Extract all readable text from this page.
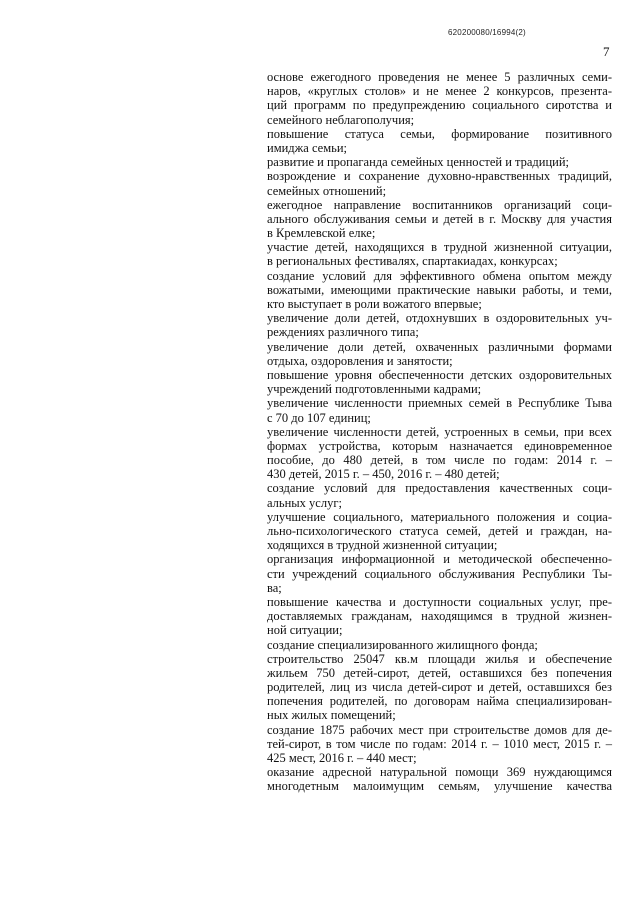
620200080/16994(2)
7
основе ежегодного проведения не менее 5 различных семи-
наров, «круглых столов» и не менее 2 конкурсов, презента-
ций программ по предупреждению социального сиротства и
семейного неблагополучия;
повышение статуса семьи, формирование позитивного
имиджа семьи;
развитие и пропаганда семейных ценностей и традиций;
возрождение и сохранение духовно-нравственных традиций,
семейных отношений;
ежегодное направление воспитанников организаций соци-
ального обслуживания семьи и детей в г. Москву для участия
в Кремлевской елке;
участие детей, находящихся в трудной жизненной ситуации,
в региональных фестивалях, спартакиадах, конкурсах;
создание условий для эффективного обмена опытом между
вожатыми, имеющими практические навыки работы, и теми,
кто выступает в роли вожатого впервые;
увеличение доли детей, отдохнувших в оздоровительных уч-
реждениях различного типа;
увеличение доли детей, охваченных различными формами
отдыха, оздоровления и занятости;
повышение уровня обеспеченности детских оздоровительных
учреждений подготовленными кадрами;
увеличение численности приемных семей в Республике Тыва
с 70 до 107 единиц;
увеличение численности детей, устроенных в семьи, при всех
формах устройства, которым назначается единовременное
пособие, до 480 детей, в том числе по годам: 2014 г. –
430 детей, 2015 г. – 450, 2016 г. – 480 детей;
создание условий для предоставления качественных соци-
альных услуг;
улучшение социального, материального положения и социа-
льно-психологического статуса семей, детей и граждан, на-
ходящихся в трудной жизненной ситуации;
организация информационной и методической обеспеченно-
сти учреждений социального обслуживания Республики Ты-
ва;
повышение качества и доступности социальных услуг, пре-
доставляемых гражданам, находящимся в трудной жизнен-
ной ситуации;
создание специализированного жилищного фонда;
строительство 25047 кв.м площади жилья и обеспечение
жильем 750 детей-сирот, детей, оставшихся без попечения
родителей, лиц из числа детей-сирот и детей, оставшихся без
попечения родителей, по договорам найма специализирован-
ных жилых помещений;
создание 1875 рабочих мест при строительстве домов для де-
тей-сирот, в том числе по годам: 2014 г. – 1010 мест, 2015 г. –
425 мест, 2016 г. – 440 мест;
оказание адресной натуральной помощи 369 нуждающимся
многодетным малоимущим семьям, улучшение качества
